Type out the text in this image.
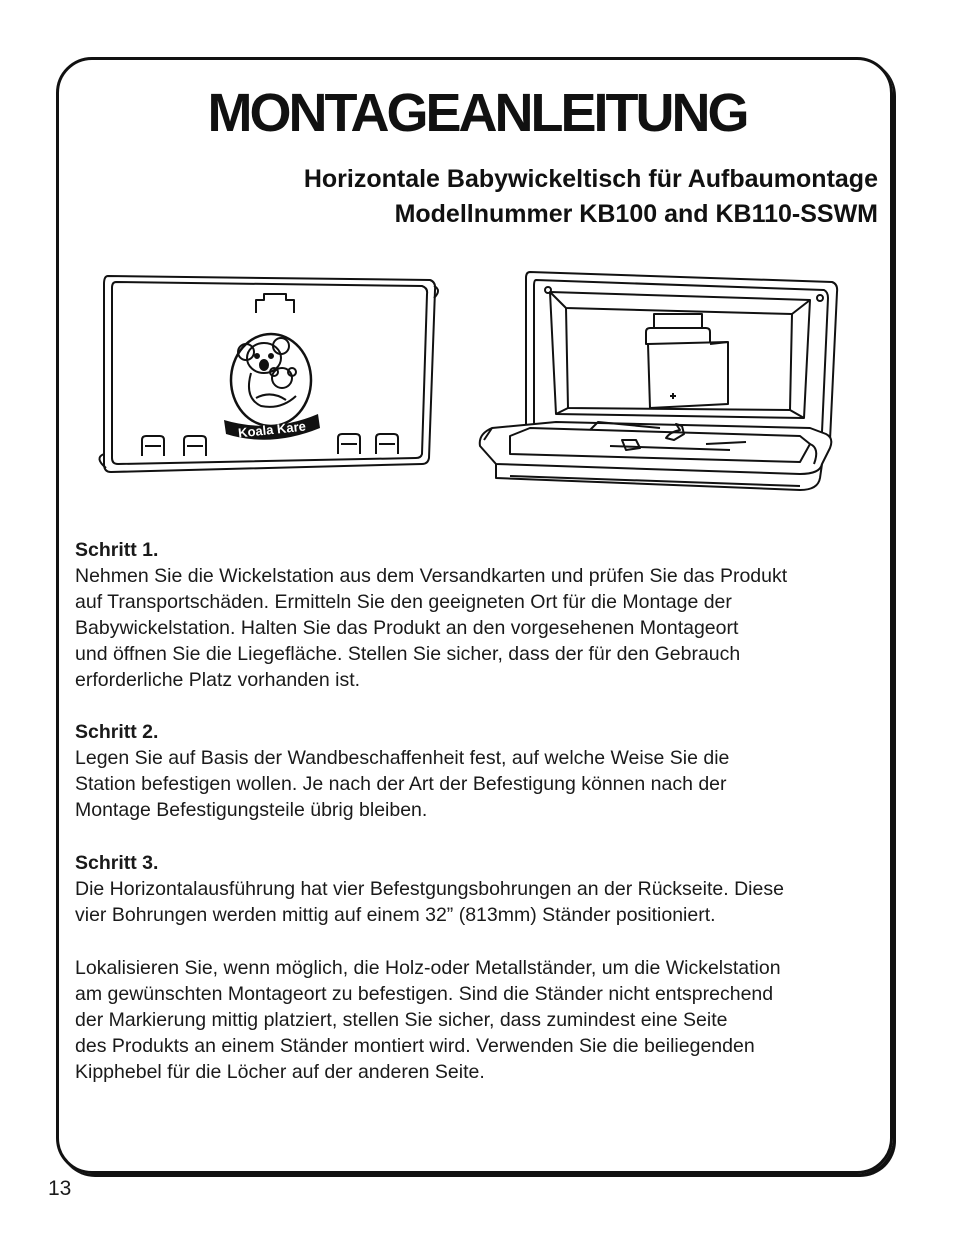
MONTAGEANLEITUNG
Horizontale Babywickeltisch für Aufbaumontage
Modellnummer KB100 and KB110-SSWM
Koala Kare
Schritt 1.
Nehmen Sie die Wickelstation aus dem Versandkarten und prüfen Sie das Produkt
auf Transportschäden. Ermitteln Sie den geeigneten Ort für die Montage der
Babywickelstation. Halten Sie das Produkt an den vorgesehenen Montageort
und öffnen Sie die Liegefläche. Stellen Sie sicher, dass der für den Gebrauch
erforderliche Platz vorhanden ist.
Schritt 2.
Legen Sie auf Basis der Wandbeschaffenheit fest, auf welche Weise Sie die
Station befestigen wollen. Je nach der Art der Befestigung können nach der
Montage Befestigungsteile übrig bleiben.
Schritt 3.
Die Horizontalausführung hat vier Befestgungsbohrungen an der Rückseite. Diese
vier Bohrungen werden mittig auf einem 32” (813mm) Ständer positioniert.
Lokalisieren Sie, wenn möglich, die Holz-oder Metallständer, um die Wickelstation
am gewünschten Montageort zu befestigen. Sind die Ständer nicht entsprechend
der Markierung mittig platziert, stellen Sie sicher, dass zumindest eine Seite
des Produkts an einem Ständer montiert wird. Verwenden Sie die beiliegenden
Kipphebel für die Löcher auf der anderen Seite.
13
